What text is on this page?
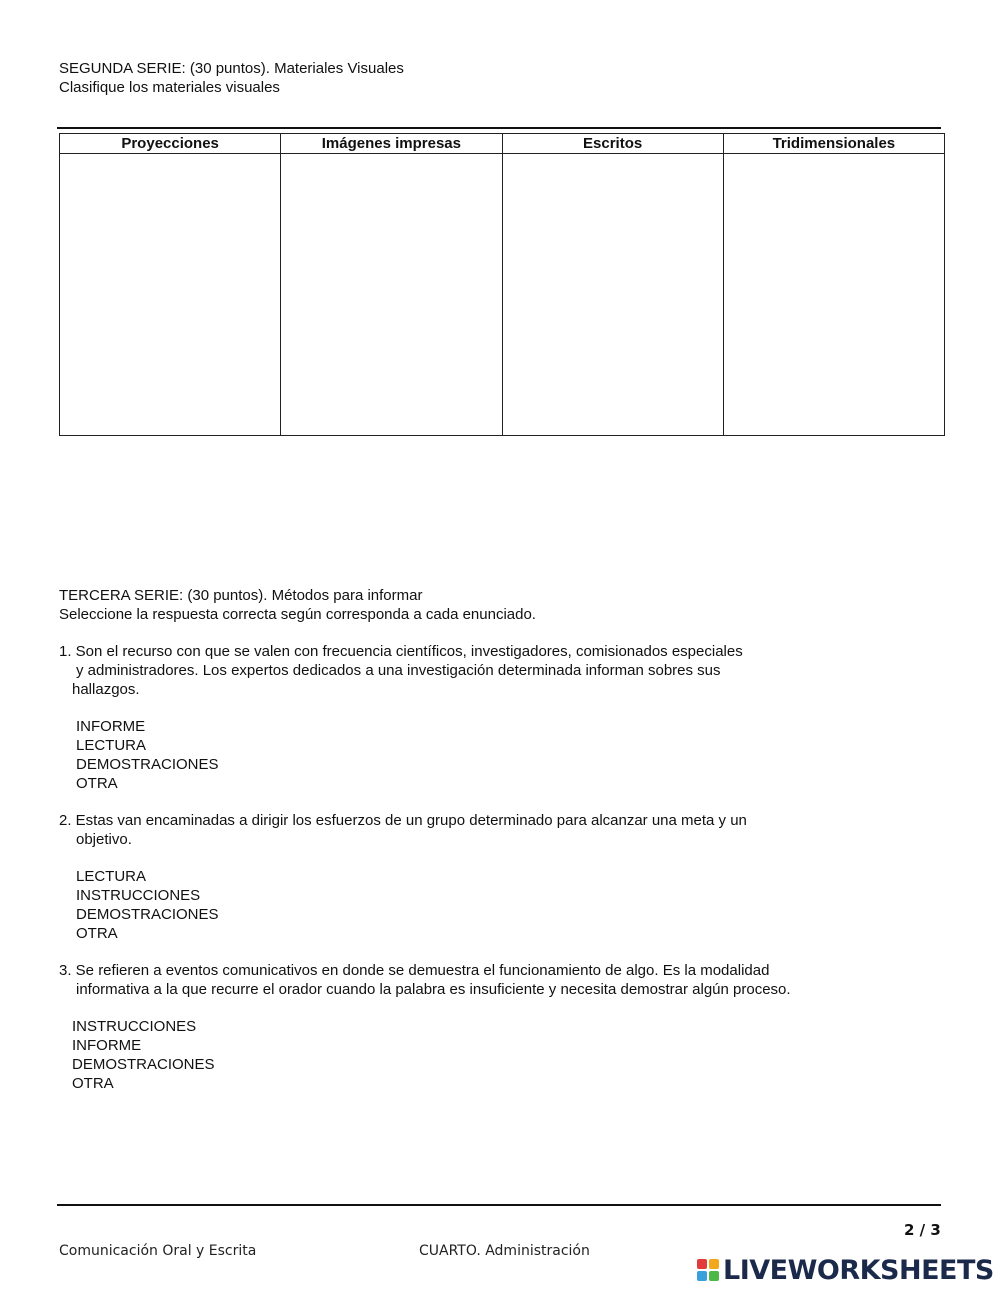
SEGUNDA SERIE: (30 puntos). Materiales Visuales
Clasifique los materiales visuales
Proyecciones	Imágenes impresas	Escritos	Tridimensionales

TERCERA SERIE: (30 puntos). Métodos para informar
Seleccione la respuesta correcta según corresponda a cada enunciado.
1. Son el recurso con que se valen con frecuencia científicos, investigadores, comisionados especiales
y administradores. Los expertos dedicados a una investigación determinada informan sobres sus
hallazgos.
INFORME
LECTURA
DEMOSTRACIONES
OTRA
2. Estas van encaminadas a dirigir los esfuerzos de un grupo determinado para alcanzar una meta y un
objetivo.
LECTURA
INSTRUCCIONES
DEMOSTRACIONES
OTRA
3. Se refieren a eventos comunicativos en donde se demuestra el funcionamiento de algo. Es la modalidad
informativa a la que recurre el orador cuando la palabra es insuficiente y necesita demostrar algún proceso.
INSTRUCCIONES
INFORME
DEMOSTRACIONES
OTRA
2 / 3
Comunicación Oral y Escrita	CUARTO. Administración
LIVEWORKSHEETS
